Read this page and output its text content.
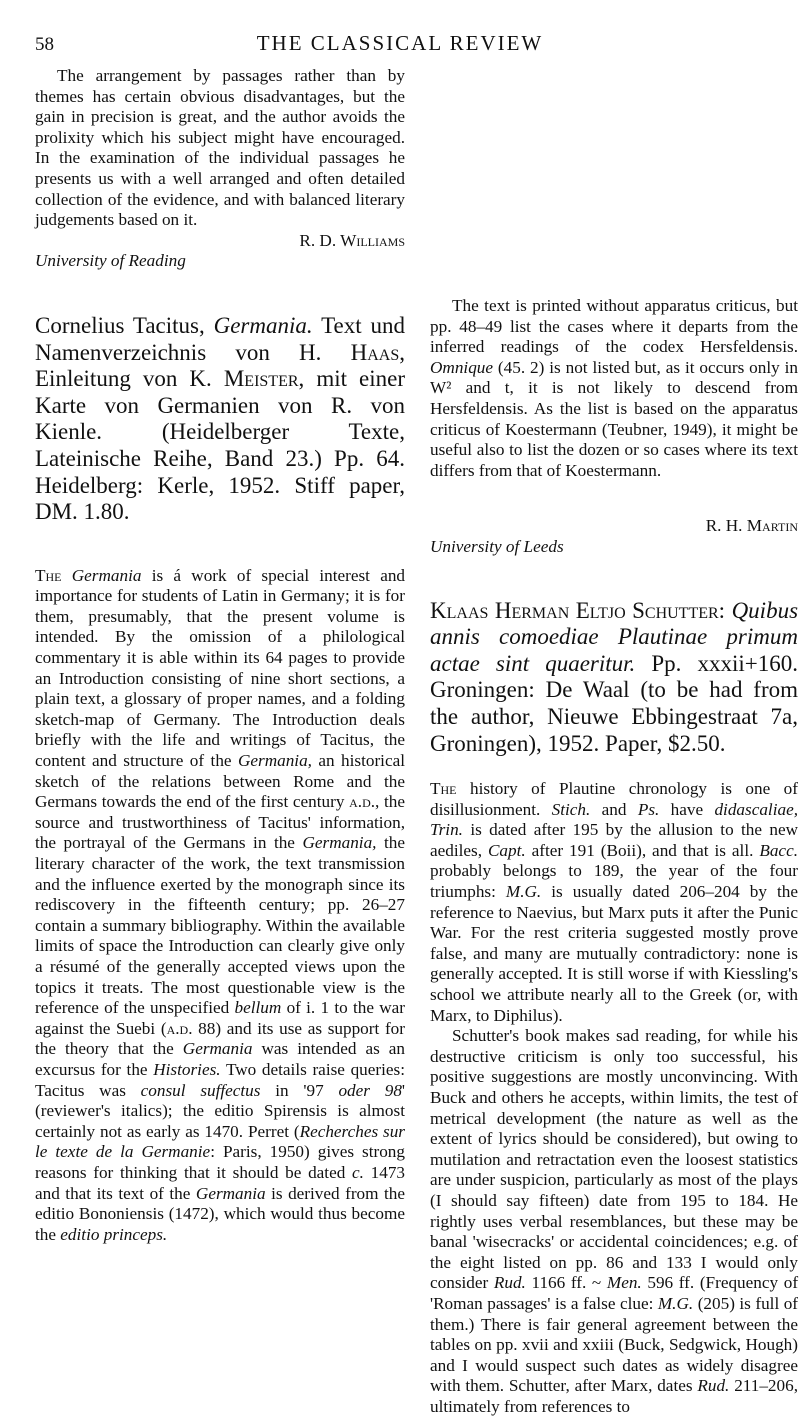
58	THE CLASSICAL REVIEW

The arrangement by passages rather than by themes has certain obvious disadvantages, but the gain in precision is great, and the author avoids the prolixity which his subject might have encouraged. In the examination of the individual passages he presents us with a well arranged and often detailed collection of the evidence, and with balanced literary judgements based on it.

R. D. Williams

University of Reading

Cornelius Tacitus, Germania. Text und Namenverzeichnis von H. Haas, Einleitung von K. Meister, mit einer Karte von Germanien von R. von Kienle. (Heidelberger Texte, Lateinische Reihe, Band 23.) Pp. 64. Heidelberg: Kerle, 1952. Stiff paper, DM. 1.80.

The Germania is á work of special interest and importance for students of Latin in Germany; it is for them, presumably, that the present volume is intended. By the omission of a philological commentary it is able within its 64 pages to provide an Introduction consisting of nine short sections, a plain text, a glossary of proper names, and a folding sketch-map of Germany. The Introduction deals briefly with the life and writings of Tacitus, the content and structure of the Germania, an historical sketch of the relations between Rome and the Germans towards the end of the first century a.d., the source and trustworthiness of Tacitus' information, the portrayal of the Germans in the Germania, the literary character of the work, the text transmission and the influence exerted by the monograph since its rediscovery in the fifteenth century; pp. 26–27 contain a summary bibliography. Within the available limits of space the Introduction can clearly give only a résumé of the generally accepted views upon the topics it treats. The most questionable view is the reference of the unspecified bellum of i. 1 to the war against the Suebi (a.d. 88) and its use as support for the theory that the Germania was intended as an excursus for the Histories. Two details raise queries: Tacitus was consul suffectus in '97 oder 98' (reviewer's italics); the editio Spirensis is almost certainly not as early as 1470. Perret (Recherches sur le texte de la Germanie: Paris, 1950) gives strong reasons for thinking that it should be dated c. 1473 and that its text of the Germania is derived from the editio Bononiensis (1472), which would thus become the editio princeps.

The text is printed without apparatus criticus, but pp. 48–49 list the cases where it departs from the inferred readings of the codex Hersfeldensis. Omnique (45. 2) is not listed but, as it occurs only in W² and t, it is not likely to descend from Hersfeldensis. As the list is based on the apparatus criticus of Koestermann (Teubner, 1949), it might be useful also to list the dozen or so cases where its text differs from that of Koestermann.

R. H. Martin

University of Leeds

Klaas Herman Eltjo Schutter: Quibus annis comoediae Plautinae primum actae sint quaeritur. Pp. xxxii+160. Groningen: De Waal (to be had from the author, Nieuwe Ebbingestraat 7a, Groningen), 1952. Paper, $2.50.

The history of Plautine chronology is one of disillusionment. Stich. and Ps. have didascaliae, Trin. is dated after 195 by the allusion to the new aediles, Capt. after 191 (Boii), and that is all. Bacc. probably belongs to 189, the year of the four triumphs: M.G. is usually dated 206–204 by the reference to Naevius, but Marx puts it after the Punic War. For the rest criteria suggested mostly prove false, and many are mutually contradictory: none is generally accepted. It is still worse if with Kiessling's school we attribute nearly all to the Greek (or, with Marx, to Diphilus).

Schutter's book makes sad reading, for while his destructive criticism is only too successful, his positive suggestions are mostly unconvincing. With Buck and others he accepts, within limits, the test of metrical development (the nature as well as the extent of lyrics should be considered), but owing to mutilation and retractation even the loosest statistics are under suspicion, particularly as most of the plays (I should say fifteen) date from 195 to 184. He rightly uses verbal resemblances, but these may be banal 'wisecracks' or accidental coincidences; e.g. of the eight listed on pp. 86 and 133 I would only consider Rud. 1166 ff. ~ Men. 596 ff. (Frequency of 'Roman passages' is a false clue: M.G. (205) is full of them.) There is fair general agreement between the tables on pp. xvii and xxiii (Buck, Sedgwick, Hough) and I would suspect such dates as widely disagree with them. Schutter, after Marx, dates Rud. 211–206, ultimately from references to
